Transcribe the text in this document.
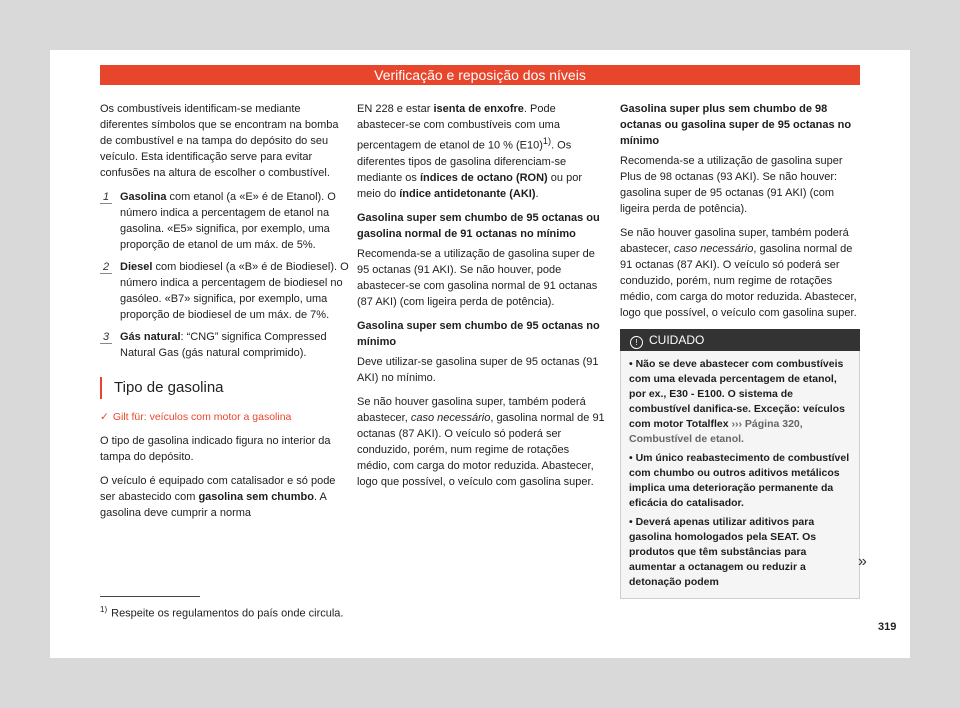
Verificação e reposição dos níveis

Os combustíveis identificam-se mediante diferentes símbolos que se encontram na bomba de combustível e na tampa do depósito do seu veículo. Esta identificação serve para evitar confusões na altura de escolher o combustível.

1 Gasolina com etanol (a «E» é de Etanol). O número indica a percentagem de etanol na gasolina. «E5» significa, por exemplo, uma proporção de etanol de um máx. de 5%.
2 Diesel com biodiesel (a «B» é de Biodiesel). O número indica a percentagem de biodiesel no gasóleo. «B7» significa, por exemplo, uma proporção de biodiesel de um máx. de 7%.
3 Gás natural: “CNG” significa Compressed Natural Gas (gás natural comprimido).
Tipo de gasolina
✓ Gilt für: veículos com motor a gasolina

O tipo de gasolina indicado figura no interior da tampa do depósito.

O veículo é equipado com catalisador e só pode ser abastecido com gasolina sem chumbo. A gasolina deve cumprir a norma

EN 228 e estar isenta de enxofre. Pode abastecer-se com combustíveis com uma percentagem de etanol de 10 % $(E10)^{1)}$. Os diferentes tipos de gasolina diferenciam-se mediante os índices de octano (RON) ou por meio do índice antidetonante (AKI).

Gasolina super sem chumbo de 95 octanas ou gasolina normal de 91 octanas no mínimo

Recomenda-se a utilização de gasolina super de 95 octanas (91 AKI). Se não houver, pode abastecer-se com gasolina normal de 91 octanas (87 AKI) (com ligeira perda de potência).

Gasolina super sem chumbo de 95 octanas no mínimo

Deve utilizar-se gasolina super de 95 octanas (91 AKI) no mínimo.

Se não houver gasolina super, também poderá abastecer, caso necessário, gasolina normal de 91 octanas (87 AKI). O veículo só poderá ser conduzido, porém, num regime de rotações médio, com carga do motor reduzida. Abastecer, logo que possível, o veículo com gasolina super.

Gasolina super plus sem chumbo de 98 octanas ou gasolina super de 95 octanas no mínimo

Recomenda-se a utilização de gasolina super Plus de 98 octanas (93 AKI). Se não houver: gasolina super de 95 octanas (91 AKI) (com ligeira perda de potência).

Se não houver gasolina super, também poderá abastecer, caso necessário, gasolina normal de 91 octanas (87 AKI). O veículo só poderá ser conduzido, porém, num regime de rotações médio, com carga do motor reduzida. Abastecer, logo que possível, o veículo com gasolina super.

! CUIDADO
• Não se deve abastecer com combustíveis com uma elevada percentagem de etanol, por ex., E30 - E100. O sistema de combustível danifica-se. Exceção: veículos com motor Totalflex ››› Página 320, Combustível de etanol.
• Um único reabastecimento de combustível com chumbo ou outros aditivos metálicos implica uma deterioração permanente da eficácia do catalisador.
• Deverá apenas utilizar aditivos para gasolina homologados pela SEAT. Os produtos que têm substâncias para aumentar a octanagem ou reduzir a detonação podem
»
$^{1)}$ Respeite os regulamentos do país onde circula.
319
